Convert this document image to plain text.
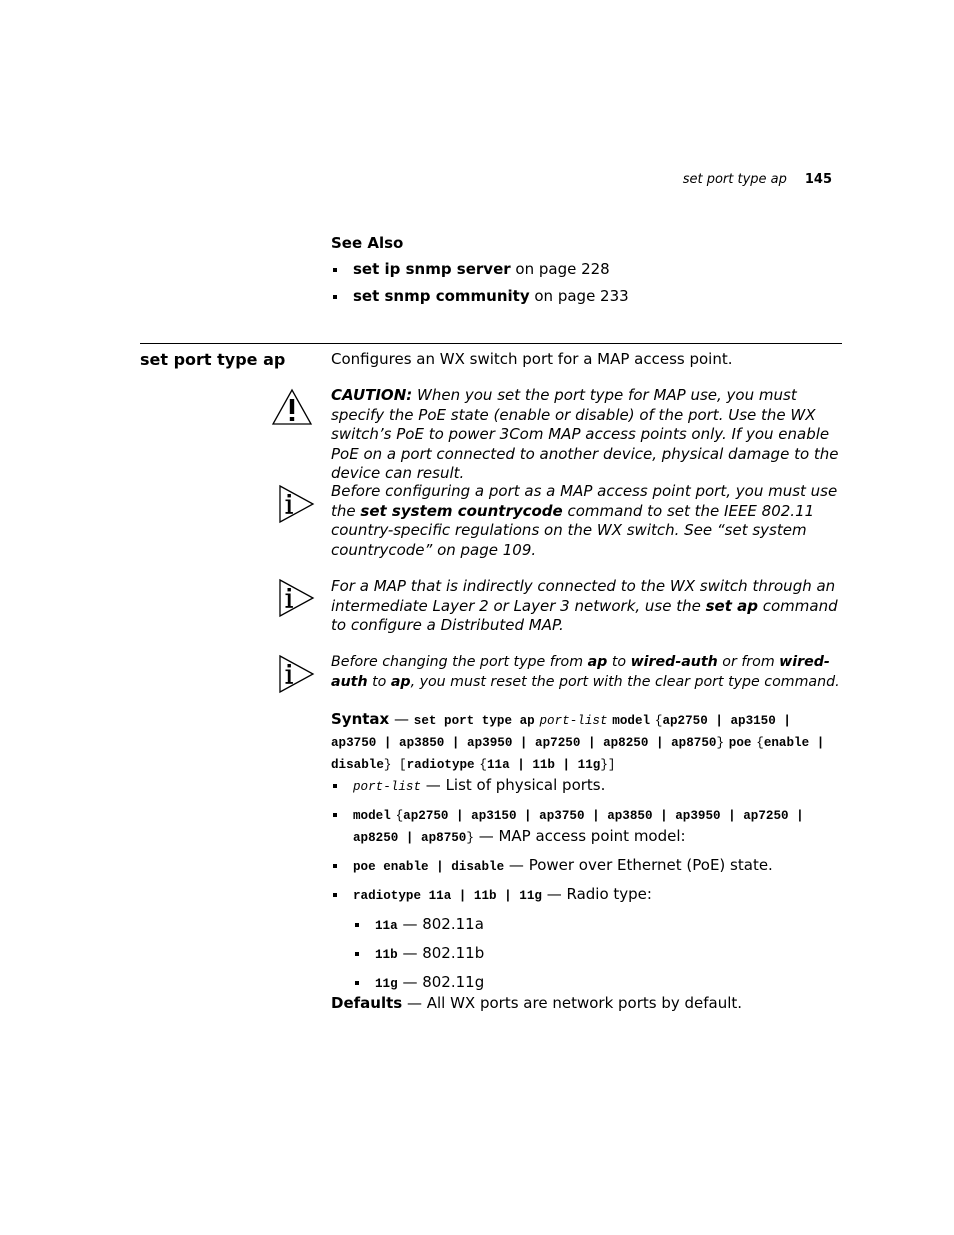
set port type ap 145
See Also
set ip snmp server on page 228
set snmp community on page 233
set port type ap	Configures an WX switch port for a MAP access point.
CAUTION: When you set the port type for MAP use, you must specify the PoE state (enable or disable) of the port. Use the WX switch’s PoE to power 3Com MAP access points only. If you enable PoE on a port connected to another device, physical damage to the device can result.
Before configuring a port as a MAP access point port, you must use the set system countrycode command to set the IEEE 802.11 country-specific regulations on the WX switch. See “set system countrycode” on page 109.
For a MAP that is indirectly connected to the WX switch through an intermediate Layer 2 or Layer 3 network, use the set ap command to configure a Distributed MAP.
Before changing the port type from ap to wired-auth or from wired-auth to ap, you must reset the port with the clear port type command.
Syntax — set port type ap port-list model {ap2750 | ap3150 | ap3750 | ap3850 | ap3950 | ap7250 | ap8250 | ap8750} poe {enable | disable} [radiotype {11a | 11b | 11g}]
port-list — List of physical ports.
model {ap2750 | ap3150 | ap3750 | ap3850 | ap3950 | ap7250 | ap8250 | ap8750} — MAP access point model:
poe enable | disable — Power over Ethernet (PoE) state.
radiotype 11a | 11b | 11g — Radio type:
11a — 802.11a
11b — 802.11b
11g — 802.11g
Defaults — All WX ports are network ports by default.
